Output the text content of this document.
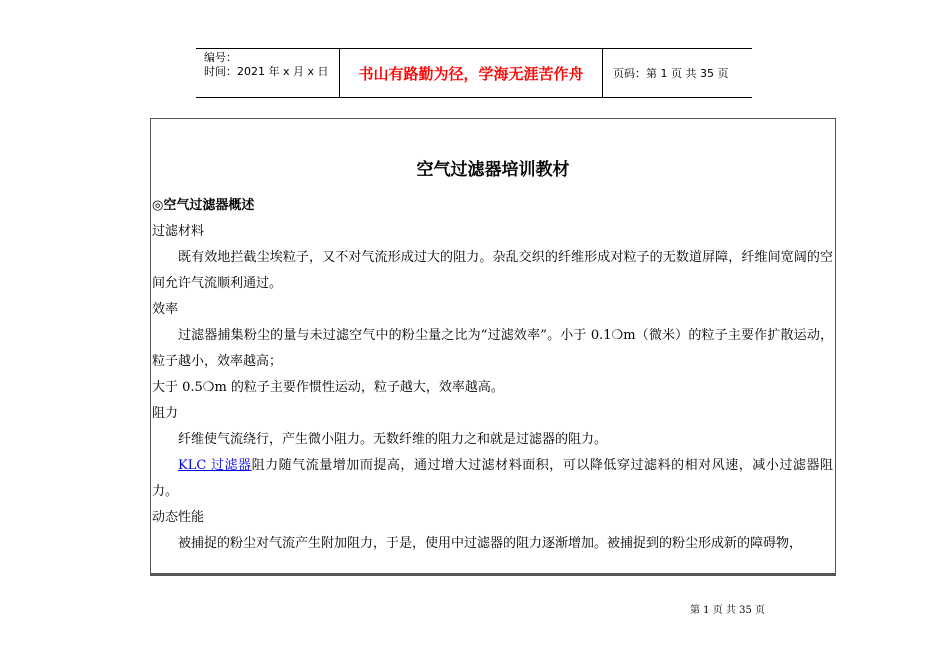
编号：
时间：2021 年 x 月 x 日	书山有路勤为径，学海无涯苦作舟	页码：第 1 页 共 35 页
空气过滤器培训教材
◎空气过滤器概述
过滤材料
既有效地拦截尘埃粒子，又不对气流形成过大的阻力。杂乱交织的纤维形成对粒子的无数道屏障，纤维间宽阔的空间允许气流顺利通过。
效率
过滤器捕集粉尘的量与未过滤空气中的粉尘量之比为“过滤效率”。小于 0.1❍m（微米）的粒子主要作扩散运动，粒子越小，效率越高；
大于 0.5❍m 的粒子主要作惯性运动，粒子越大，效率越高。
阻力
纤维使气流绕行，产生微小阻力。无数纤维的阻力之和就是过滤器的阻力。
KLC 过滤器阻力随气流量增加而提高，通过增大过滤材料面积，可以降低穿过滤料的相对风速，减小过滤器阻力。
动态性能
被捕捉的粉尘对气流产生附加阻力，于是，使用中过滤器的阻力逐渐增加。被捕捉到的粉尘形成新的障碍物，
第 1 页 共 35 页
